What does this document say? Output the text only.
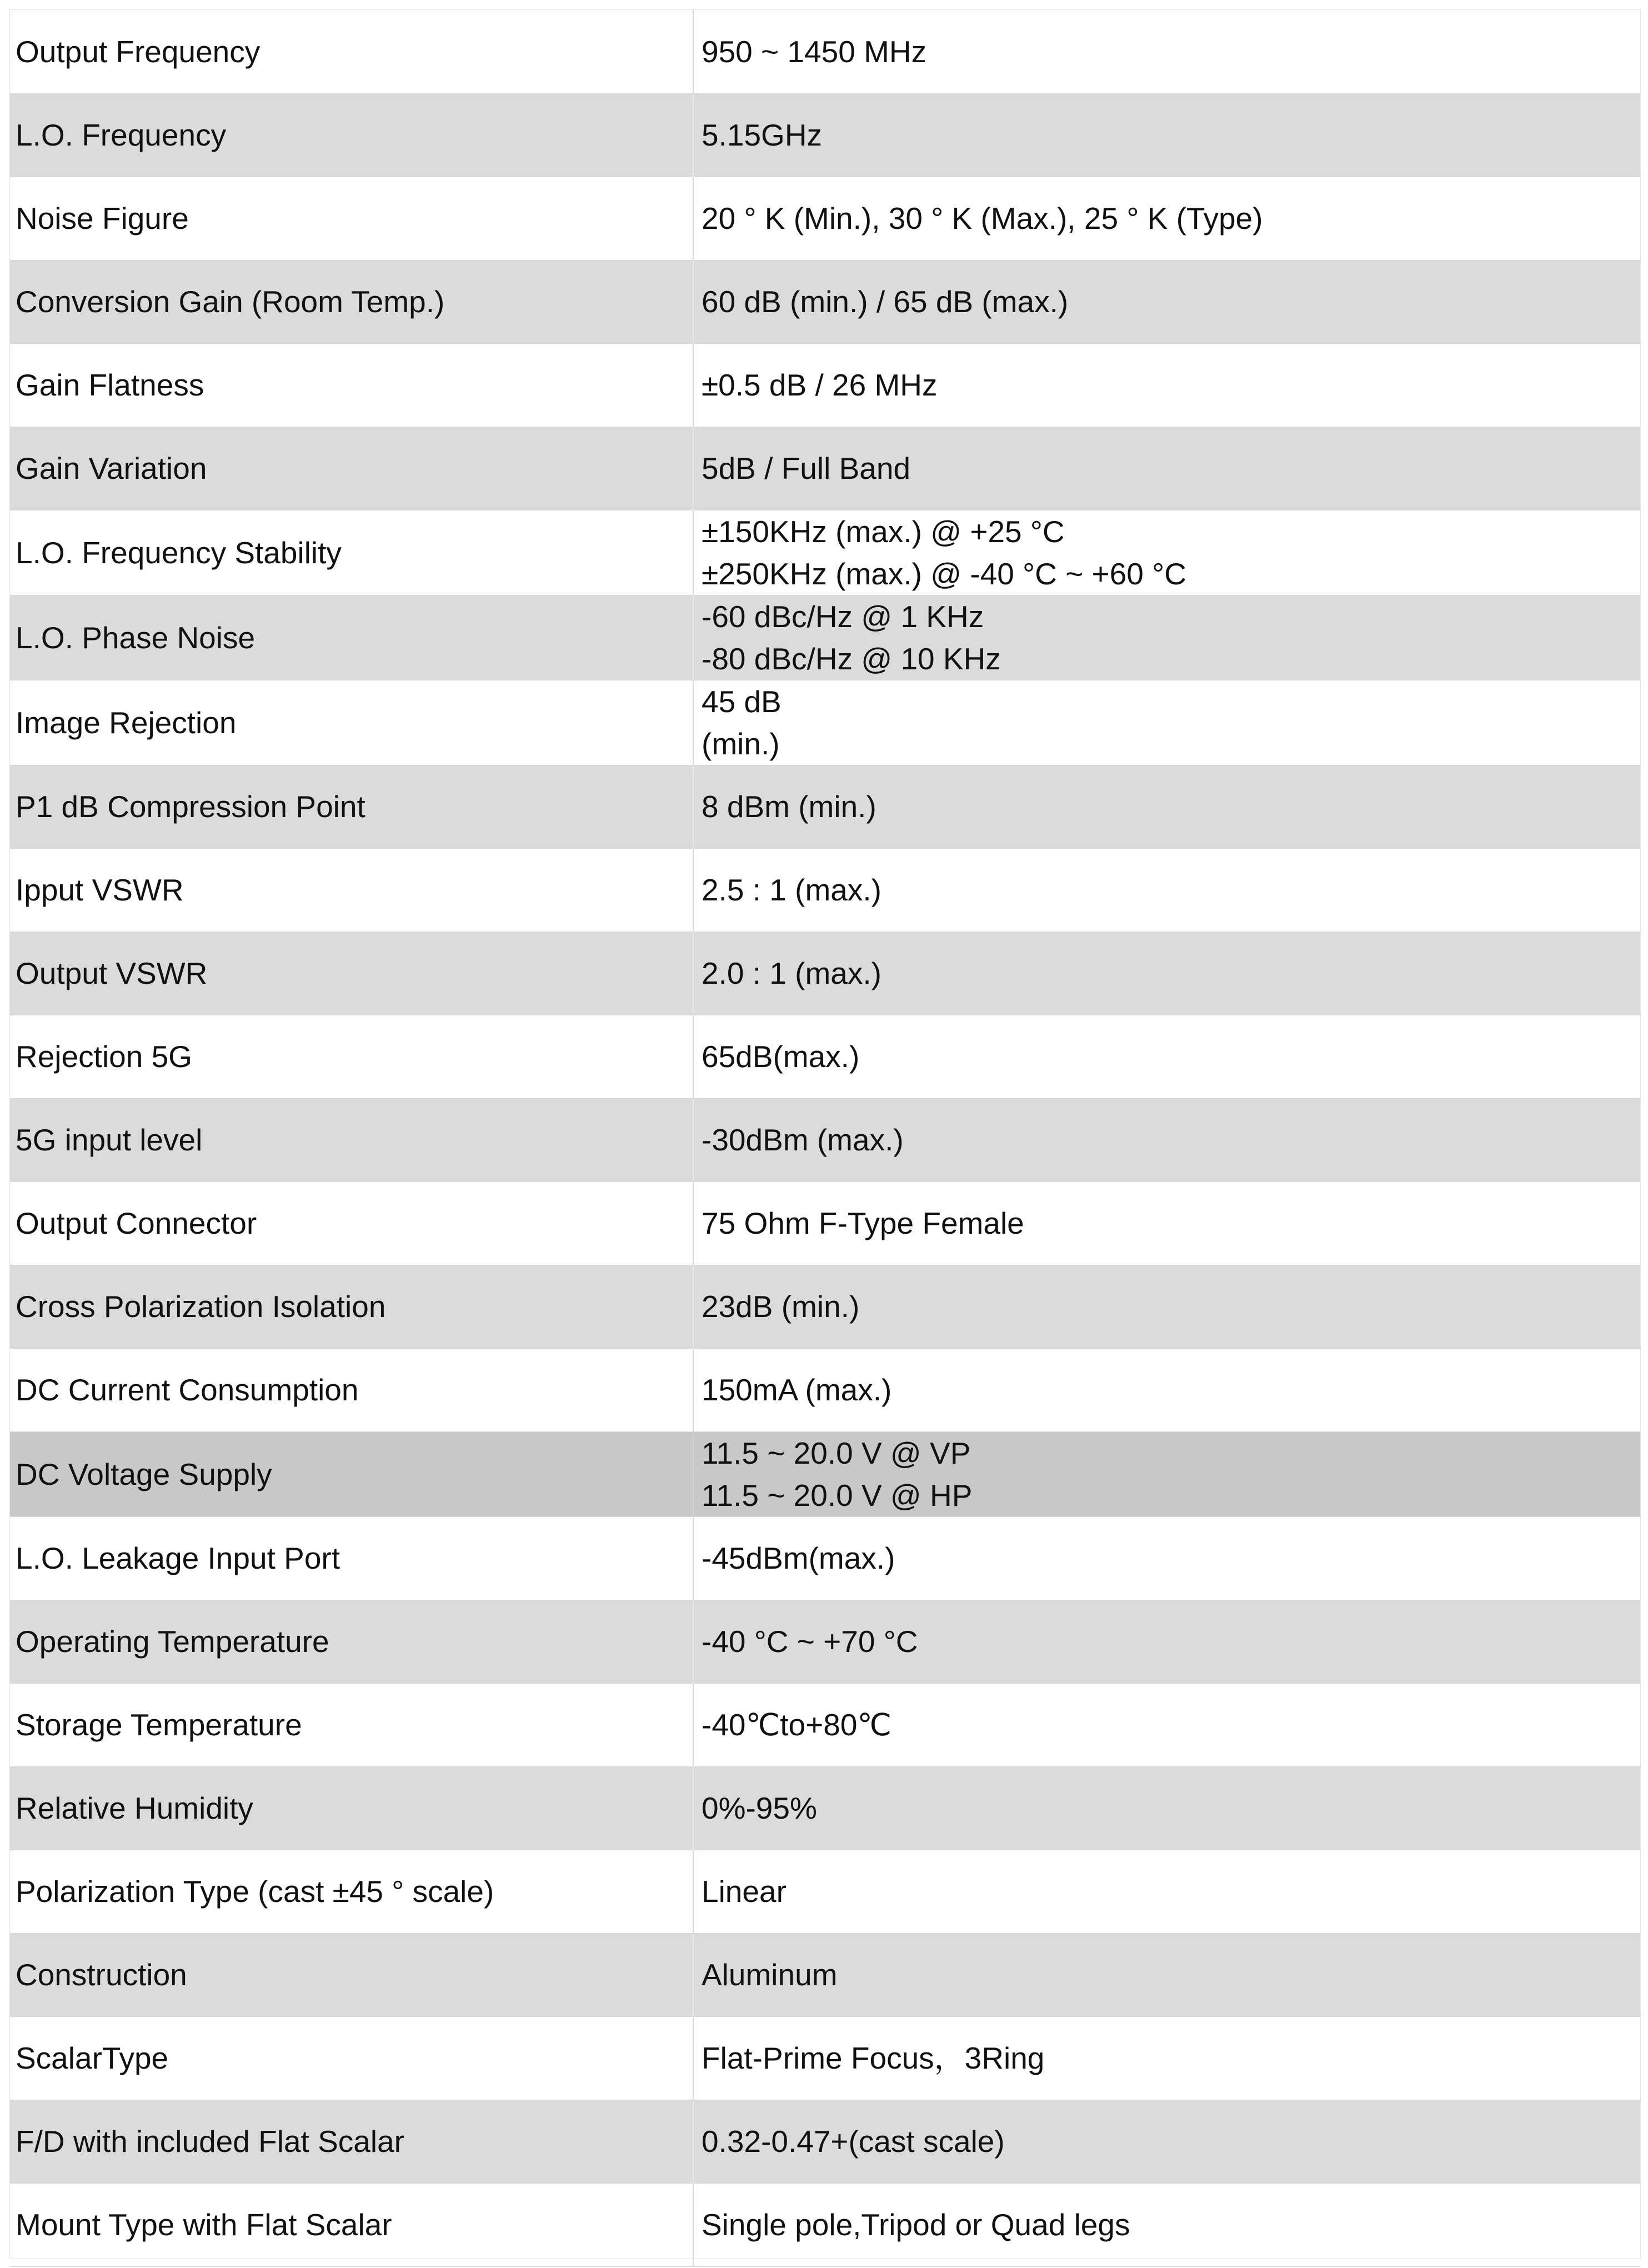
Output Frequency	950 ~ 1450 MHz

L.O. Frequency	5.15GHz

Noise Figure	20 ° K (Min.), 30 ° K (Max.), 25 ° K (Type)

Conversion Gain (Room Temp.)	60 dB (min.) / 65 dB (max.)

Gain Flatness	±0.5 dB / 26 MHz

Gain Variation	5dB / Full Band

L.O. Frequency Stability	±150KHz (max.) @ +25 °C
±250KHz (max.) @ -40 °C ~ +60 °C

L.O. Phase Noise	-60 dBc/Hz @ 1 KHz
-80 dBc/Hz @ 10 KHz

Image Rejection	45 dB
(min.)

P1 dB Compression Point	8 dBm (min.)

Ipput VSWR	2.5 : 1 (max.)

Output VSWR	2.0 : 1 (max.)

Rejection 5G	65dB(max.)

5G input level	-30dBm (max.)

Output Connector	75 Ohm F-Type Female

Cross Polarization Isolation	23dB (min.)

DC Current Consumption	150mA (max.)

DC Voltage Supply	11.5 ~ 20.0 V @ VP
11.5 ~ 20.0 V @ HP

L.O. Leakage Input Port	-45dBm(max.)

Operating Temperature	-40 °C ~ +70 °C

Storage Temperature	-40℃to+80℃

Relative Humidity	0%-95%

Polarization Type (cast ±45 ° scale)	Linear

Construction	Aluminum

ScalarType	Flat-Prime Focus，3Ring

F/D with included Flat Scalar	0.32-0.47+(cast scale)

Mount Type with Flat Scalar	Single pole,Tripod or Quad legs
